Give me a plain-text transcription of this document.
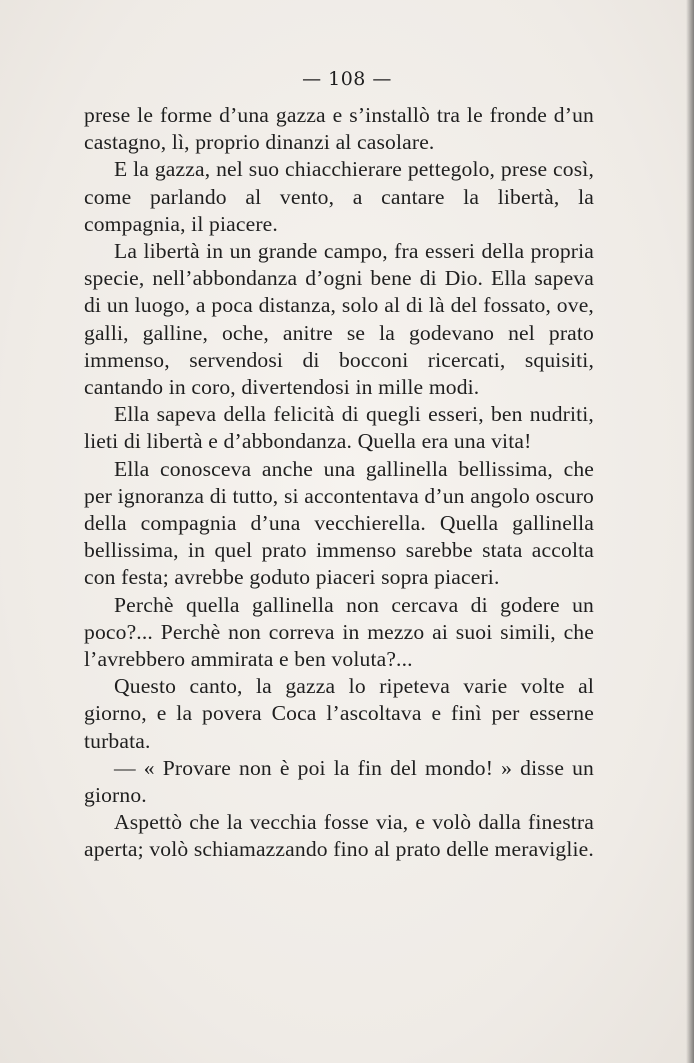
— 108 —

prese le forme d’una gazza e s’installò tra le fronde d’un castagno, lì, proprio dinanzi al casolare.

E la gazza, nel suo chiacchierare pettegolo, prese così, come parlando al vento, a cantare la libertà, la compagnia, il piacere.

La libertà in un grande campo, fra esseri della propria specie, nell’abbondanza d’ogni bene di Dio. Ella sapeva di un luogo, a poca distanza, solo al di là del fossato, ove, galli, galline, oche, anitre se la godevano nel prato immenso, servendosi di bocconi ricercati, squisiti, cantando in coro, divertendosi in mille modi.

Ella sapeva della felicità di quegli esseri, ben nudriti, lieti di libertà e d’abbondanza. Quella era una vita!

Ella conosceva anche una gallinella bellissima, che per ignoranza di tutto, si accontentava d’un angolo oscuro della compagnia d’una vecchierella. Quella gallinella bellissima, in quel prato immenso sarebbe stata accolta con festa; avrebbe goduto piaceri sopra piaceri.

Perchè quella gallinella non cercava di godere un poco?... Perchè non correva in mezzo ai suoi simili, che l’avrebbero ammirata e ben voluta?...

Questo canto, la gazza lo ripeteva varie volte al giorno, e la povera Coca l’ascoltava e finì per esserne turbata.

— « Provare non è poi la fin del mondo! » disse un giorno.

Aspettò che la vecchia fosse via, e volò dalla finestra aperta; volò schiamazzando fino al prato delle meraviglie.
